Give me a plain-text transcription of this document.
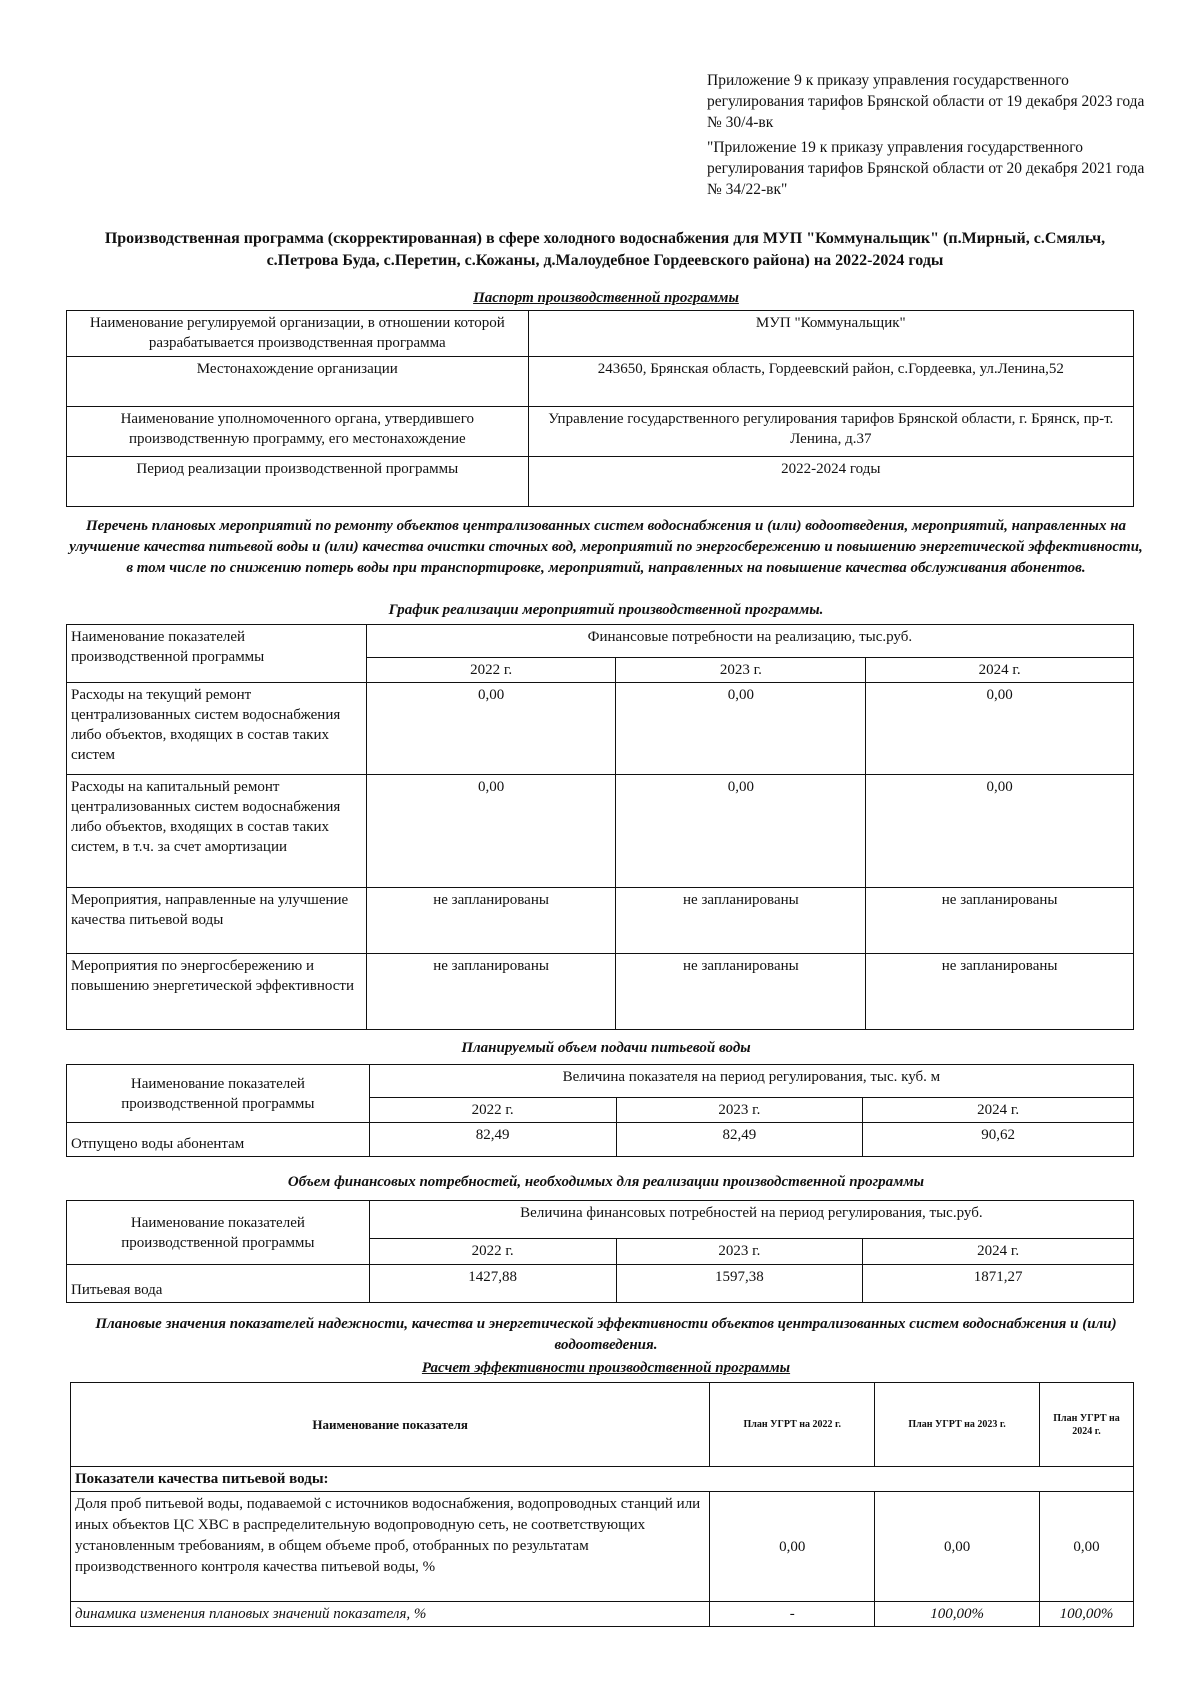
Приложение 9 к приказу управления государственного регулирования тарифов Брянской области от 19 декабря 2023 года № 30/4-вк

"Приложение 19 к приказу управления государственного регулирования тарифов Брянской области от 20 декабря 2021 года № 34/22-вк"

Производственная программа (скорректированная) в сфере холодного водоснабжения для МУП "Коммунальщик" (п.Мирный, с.Смяльч, с.Петрова Буда, с.Перетин, с.Кожаны, д.Малоудебное Гордеевского района) на 2022-2024 годы
Паспорт производственной программы
Наименование регулируемой организации, в отношении которой разрабатывается производственная программа	МУП "Коммунальщик"
Местонахождение организации	243650, Брянская область, Гордеевский район, с.Гордеевка, ул.Ленина,52
Наименование уполномоченного органа, утвердившего производственную программу, его местонахождение	Управление государственного регулирования тарифов Брянской области, г. Брянск, пр-т. Ленина, д.37
Период реализации производственной программы	2022-2024 годы
Перечень плановых мероприятий по ремонту объектов централизованных систем водоснабжения и (или) водоотведения, мероприятий, направленных на улучшение качества питьевой воды и (или) качества очистки сточных вод, мероприятий по энергосбережению и повышению энергетической эффективности, в том числе по снижению потерь воды при транспортировке, мероприятий, направленных на повышение качества обслуживания абонентов.
График реализации мероприятий производственной программы.
Наименование показателей производственной программы	Финансовые потребности на реализацию, тыс.руб.		
	2022 г.	2023 г.	2024 г.
Расходы на текущий ремонт централизованных систем водоснабжения либо объектов, входящих в состав таких систем	0,00	0,00	0,00
Расходы на капитальный ремонт централизованных систем водоснабжения либо объектов, входящих в состав таких систем, в т.ч. за счет амортизации	0,00	0,00	0,00
Мероприятия, направленные на улучшение качества питьевой воды	не запланированы	не запланированы	не запланированы
Мероприятия по энергосбережению и повышению энергетической эффективности	не запланированы	не запланированы	не запланированы
Планируемый объем подачи питьевой воды
Наименование показателей производственной программы	Величина показателя на период регулирования, тыс. куб. м		
	2022 г.	2023 г.	2024 г.
Отпущено воды абонентам	82,49	82,49	90,62
Объем финансовых потребностей, необходимых для реализации производственной программы
Наименование показателей производственной программы	Величина финансовых потребностей на период регулирования, тыс.руб.		
	2022 г.	2023 г.	2024 г.
Питьевая вода	1427,88	1597,38	1871,27
Плановые значения показателей надежности, качества и энергетической эффективности объектов централизованных систем водоснабжения и (или) водоотведения.
Расчет эффективности производственной программы
Наименование показателя	План УГРТ на 2022 г.	План УГРТ на 2023 г.	План УГРТ на 2024 г.
Показатели качества питьевой воды:			
Доля проб питьевой воды, подаваемой с источников водоснабжения, водопроводных станций или иных объектов ЦС ХВС в распределительную водопроводную сеть, не соответствующих установленным требованиям, в общем объеме проб, отобранных по результатам производственного контроля качества питьевой воды, %	0,00	0,00	0,00
динамика изменения плановых значений показателя, %	-	100,00%	100,00%
